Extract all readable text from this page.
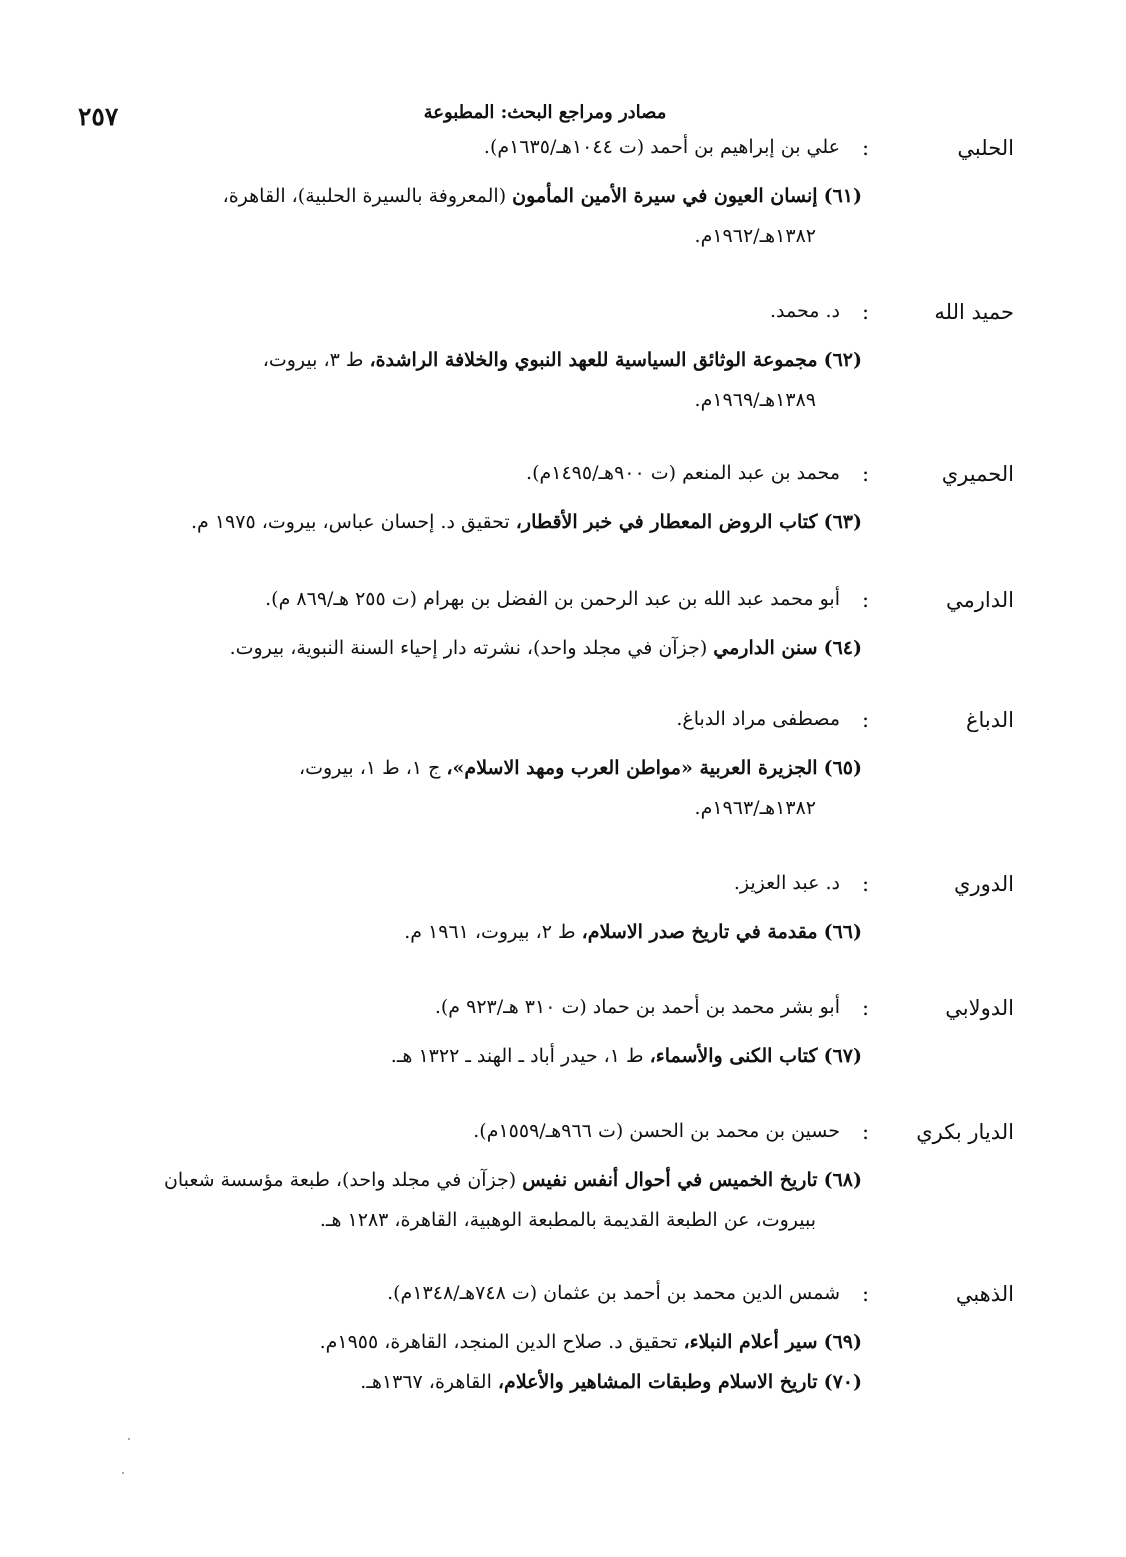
مصادر ومراجع البحث: المطبوعة
٢٥٧
الحلبي
:
علي بن إبراهيم بن أحمد (ت ١٠٤٤هـ/١٦٣٥م).

(٦١) إنسان العيون في سيرة الأمين المأمون (المعروفة بالسيرة الحلبية)، القاهرة،

١٣٨٢هـ/١٩٦٢م.

حميد الله
:
د. محمد.

(٦٢) مجموعة الوثائق السياسية للعهد النبوي والخلافة الراشدة، ط ٣، بيروت،

١٣٨٩هـ/١٩٦٩م.

الحميري
:
محمد بن عبد المنعم (ت ٩٠٠هـ/١٤٩٥م).

(٦٣) كتاب الروض المعطار في خبر الأقطار، تحقيق د. إحسان عباس، بيروت، ١٩٧٥ م.

الدارمي
:
أبو محمد عبد الله بن عبد الرحمن بن الفضل بن بهرام (ت ٢٥٥ هـ/٨٦٩ م).

(٦٤) سنن الدارمي (جزآن في مجلد واحد)، نشرته دار إحياء السنة النبوية، بيروت.

الدباغ
:
مصطفى مراد الدباغ.

(٦٥) الجزيرة العربية «مواطن العرب ومهد الاسلام»، ج ١، ط ١، بيروت،

١٣٨٢هـ/١٩٦٣م.

الدوري
:
د. عبد العزيز.

(٦٦) مقدمة في تاريخ صدر الاسلام، ط ٢، بيروت، ١٩٦١ م.

الدولابي
:
أبو بشر محمد بن أحمد بن حماد (ت ٣١٠ هـ/٩٢٣ م).

(٦٧) كتاب الكنى والأسماء، ط ١، حيدر أباد ـ الهند ـ ١٣٢٢ هـ.

الديار بكري
:
حسين بن محمد بن الحسن (ت ٩٦٦هـ/١٥٥٩م).

(٦٨) تاريخ الخميس في أحوال أنفس نفيس (جزآن في مجلد واحد)، طبعة مؤسسة شعبان

ببيروت، عن الطبعة القديمة بالمطبعة الوهبية، القاهرة، ١٢٨٣ هـ.

الذهبي
:
شمس الدين محمد بن أحمد بن عثمان (ت ٧٤٨هـ/١٣٤٨م).

(٦٩) سير أعلام النبلاء، تحقيق د. صلاح الدين المنجد، القاهرة، ١٩٥٥م.

(٧٠) تاريخ الاسلام وطبقات المشاهير والأعلام، القاهرة، ١٣٦٧هـ.
